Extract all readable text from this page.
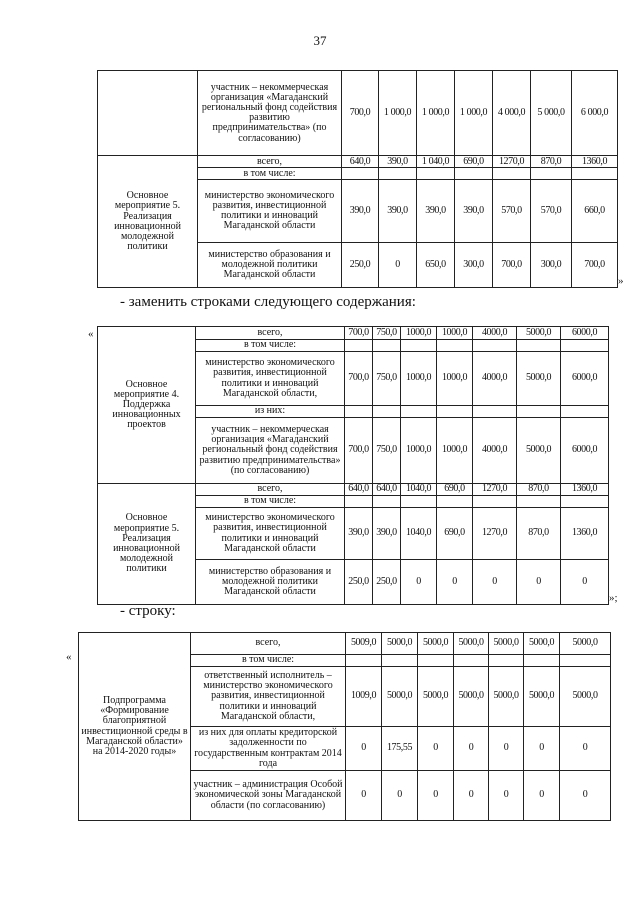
37
	участник – некоммерческая организация «Магаданский региональный фонд содействия развитию предпринимательства» (по согласованию)	700,0	1 000,0	1 000,0	1 000,0	4 000,0	5 000,0	6 000,0
Основное мероприятие 5. Реализация инновационной молодежной политики	всего,	640,0	390,0	1 040,0	690,0	1270,0	870,0	1360,0
	в том числе:							
	министерство экономического развития, инвестиционной политики и инноваций Магаданской области	390,0	390,0	390,0	390,0	570,0	570,0	660,0
	министерство образования и молодежной политики Магаданской области	250,0	0	650,0	300,0	700,0	300,0	700,0
»
- заменить строками следующего содержания:
«
Основное мероприятие 4. Поддержка инновационных проектов	всего,	700,0	750,0	1000,0	1000,0	4000,0	5000,0	6000,0
	в том числе:							
	министерство экономического развития, инвестиционной политики и инноваций Магаданской области,	700,0	750,0	1000,0	1000,0	4000,0	5000,0	6000,0
	из них:							
	участник – некоммерческая организация «Магаданский региональный фонд содействия развитию предпринимательства» (по согласованию)	700,0	750,0	1000,0	1000,0	4000,0	5000,0	6000,0
Основное мероприятие 5. Реализация инновационной молодежной политики	всего,	640,0	640,0	1040,0	690,0	1270,0	870,0	1360,0
	в том числе:							
	министерство экономического развития, инвестиционной политики и инноваций Магаданской области	390,0	390,0	1040,0	690,0	1270,0	870,0	1360,0
	министерство образования и молодежной политики Магаданской области	250,0	250,0	0	0	0	0	0
»;
- строку:
«
Подпрограмма «Формирование благоприятной инвестиционной среды в Магаданской области» на 2014-2020 годы»	всего,	5009,0	5000,0	5000,0	5000,0	5000,0	5000,0	5000,0
	в том числе:							
	ответственный исполнитель – министерство экономического развития, инвестиционной политики и инноваций Магаданской области,	1009,0	5000,0	5000,0	5000,0	5000,0	5000,0	5000,0
	из них для оплаты кредиторской задолженности по государственным контрактам 2014 года	0	175,55	0	0	0	0	0
	участник – администрация Особой экономической зоны Магаданской области (по согласованию)	0	0	0	0	0	0	0
